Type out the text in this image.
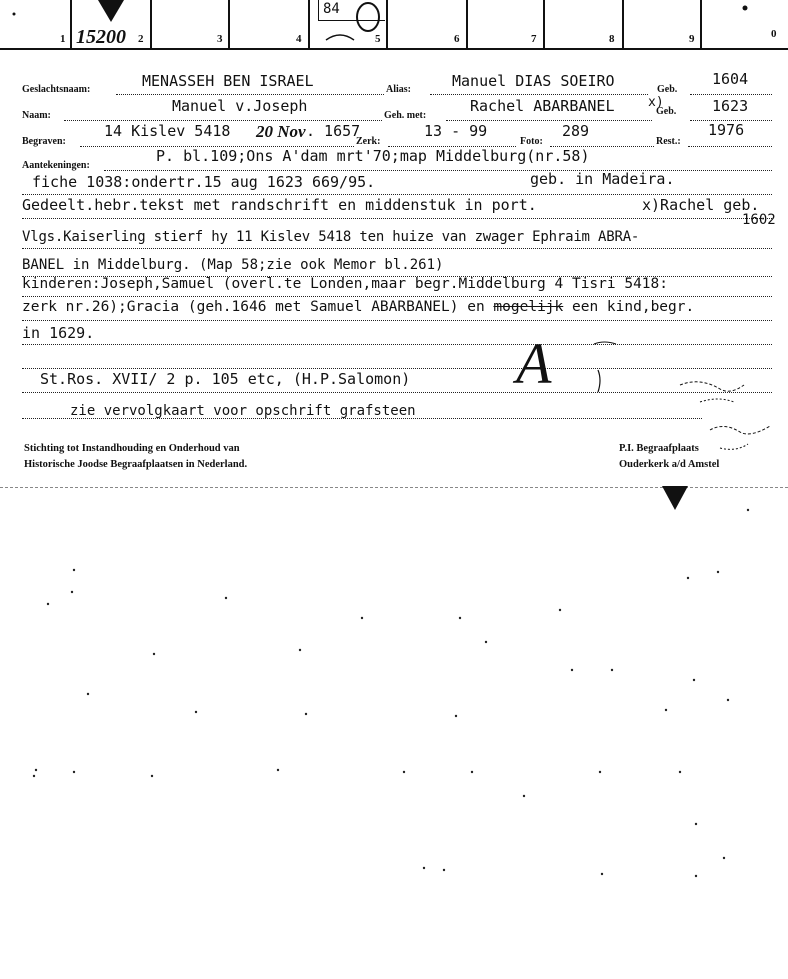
1	2	3	4	5	6	7	8	9	0
15200
84
Geslachtsnaam:	MENASSEH BEN ISRAEL	Alias:	Manuel DIAS SOEIRO	Geb.
1604
Naam:
Manuel v.Joseph
Geh. met:
Rachel ABARBANEL	x)
Geb. 1623
Begraven:
14 Kislev 5418 20 Nov . 1657
Zerk:
13 - 99
Foto:
289
Rest.:
1976
Aantekeningen:
P. bl.109;Ons A'dam mrt'70;map Middelburg(nr.58)
fiche 1038:ondertr.15 aug 1623 669/95.	geb. in Madeira.
Gedeelt.hebr.tekst met randschrift en middenstuk in port.	x)Rachel geb.
1602
Vlgs.Kaiserling stierf hy 11 Kislev 5418 ten huize van zwager Ephraim ABRA-
BANEL in Middelburg. (Map 58;zie ook Memor bl.261)
kinderen:Joseph,Samuel (overl.te Londen,maar begr.Middelburg 4 Tisri 5418:
zerk nr.26);Gracia (geh.1646 met Samuel ABARBANEL) en mogelijk een kind,begr.
in 1629.
St.Ros. XVII/ 2 p. 105 etc, (H.P.Salomon) A
zie vervolgkaart voor opschrift grafsteen
Stichting tot Instandhouding en Onderhoud van
Historische Joodse Begraafplaatsen in Nederland.
P.I. Begraafplaats
Ouderkerk a/d Amstel
